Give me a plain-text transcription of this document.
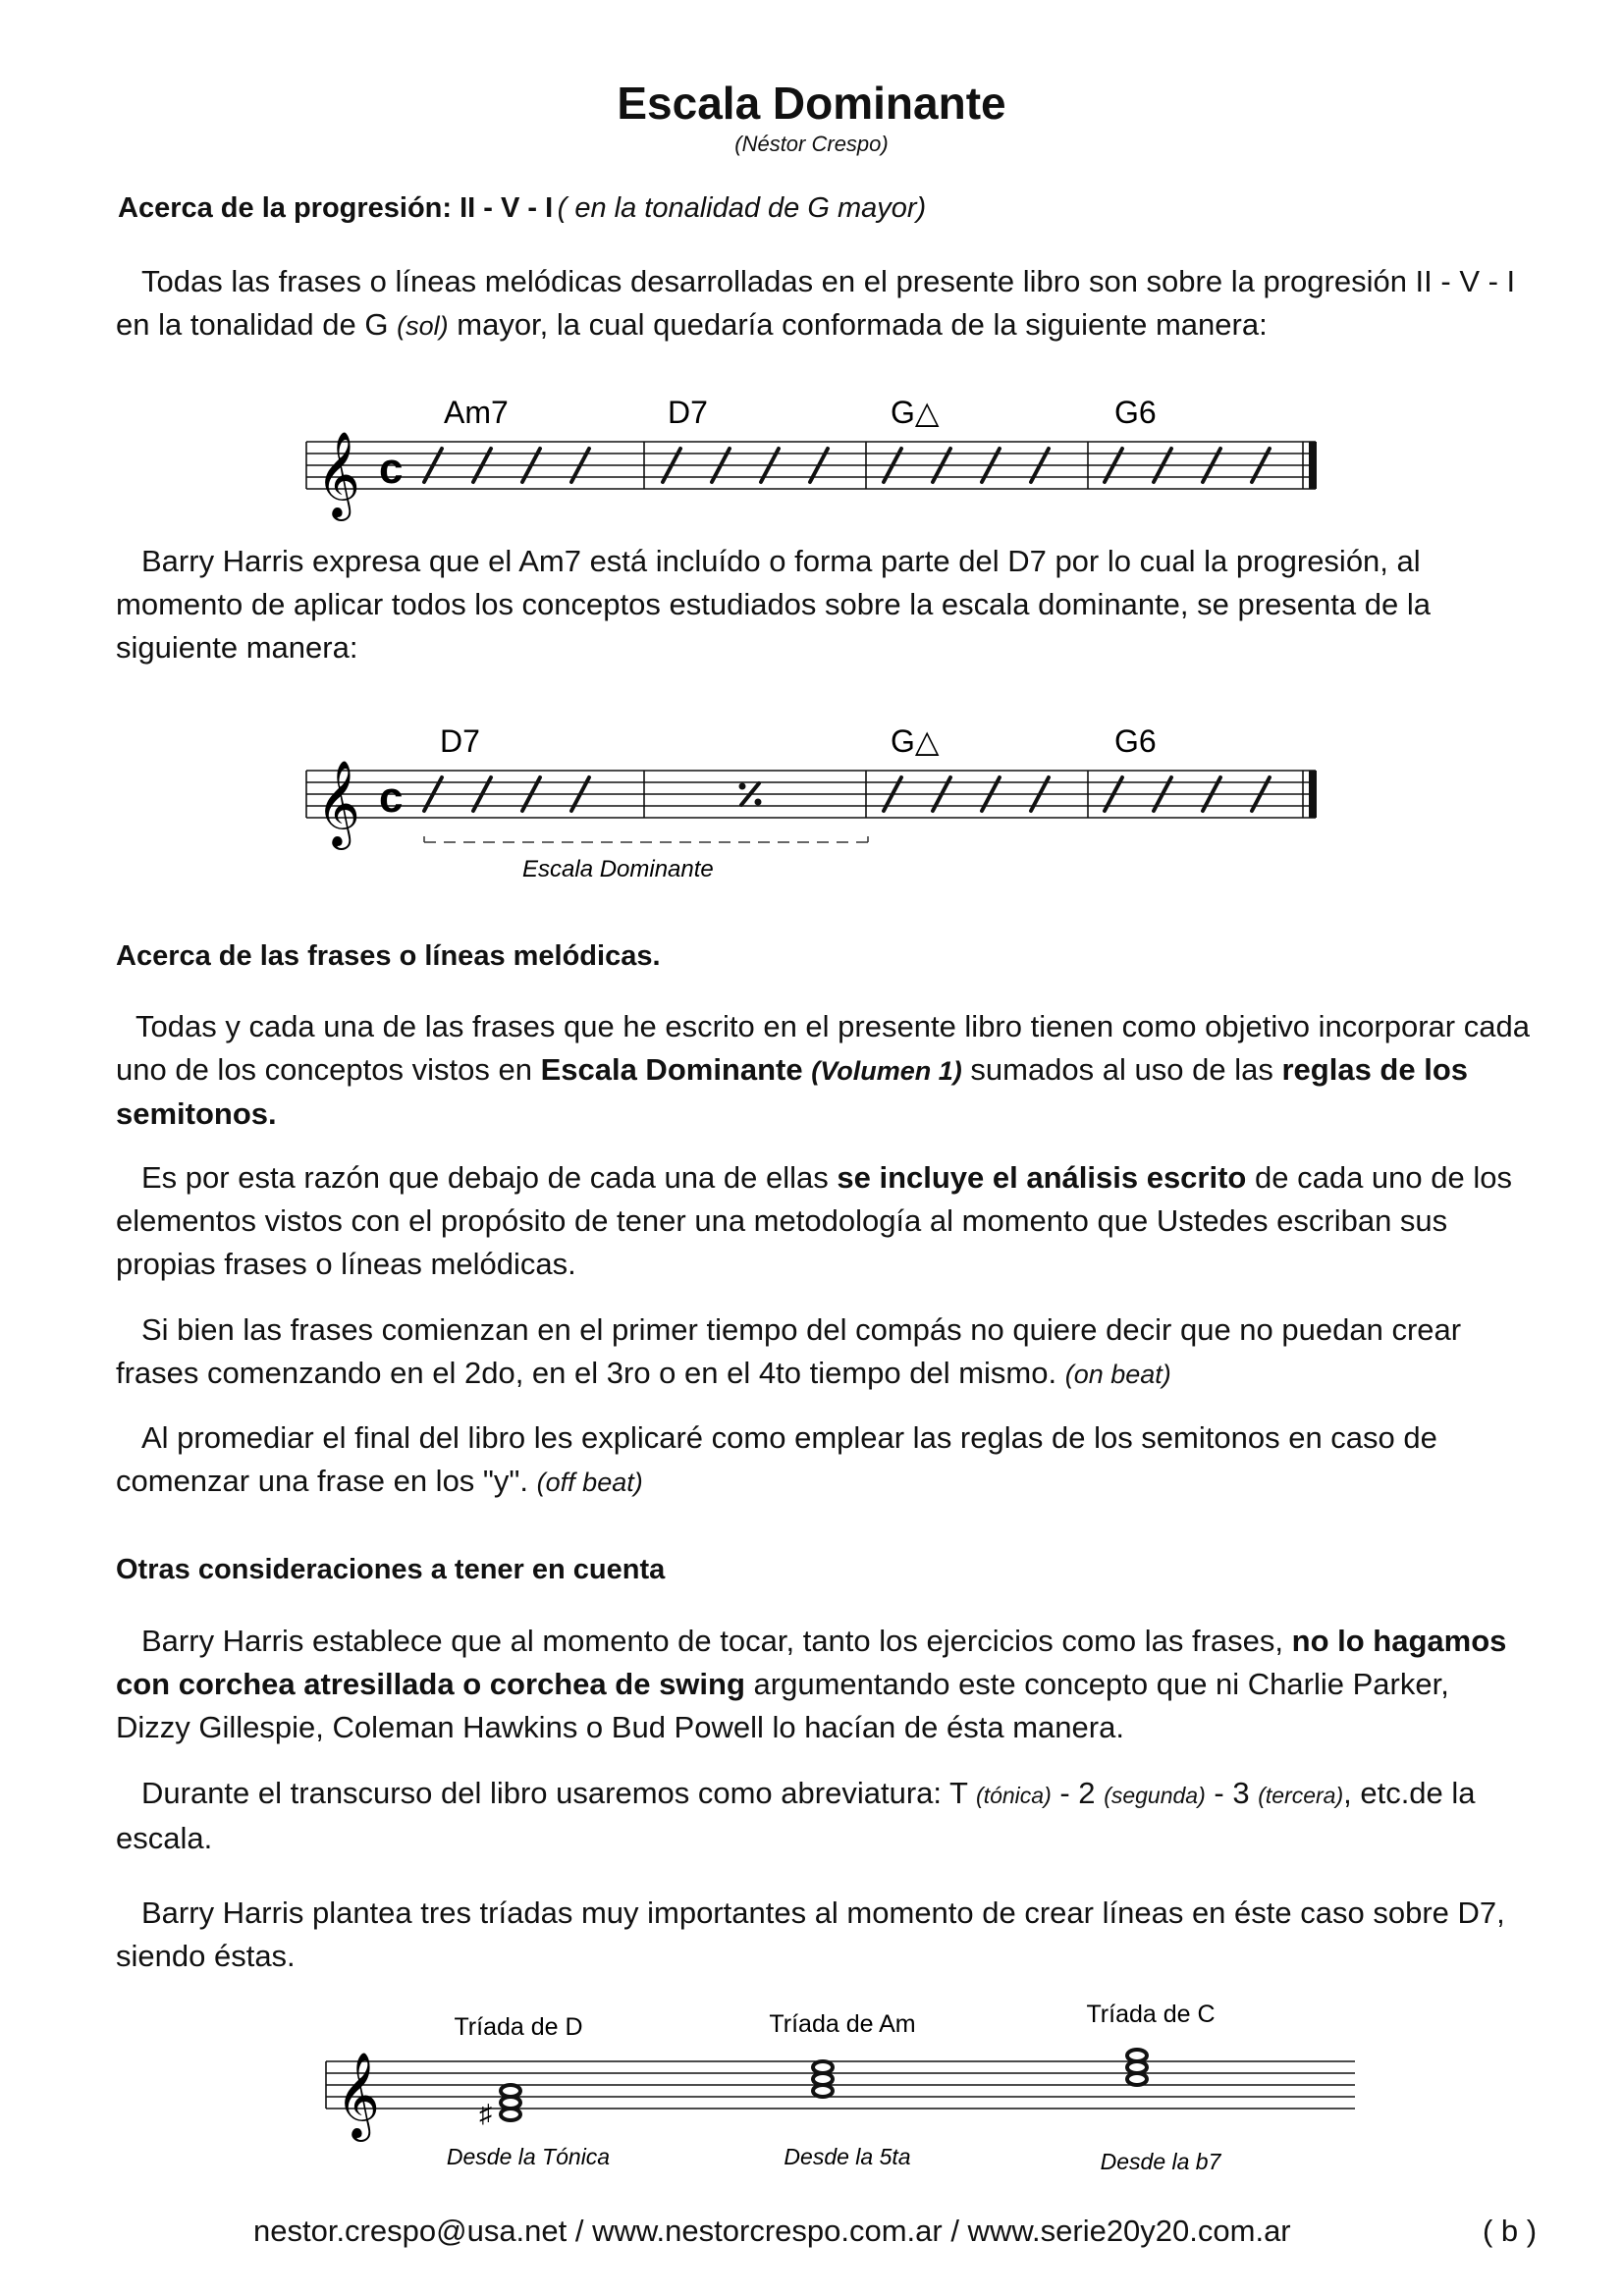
Escala Dominante
(Néstor Crespo)
Acerca de la progresión: II - V - I ( en la tonalidad de G mayor)
Todas las frases o líneas melódicas desarrolladas en el presente libro son sobre la progresión II - V - I en la tonalidad de G (sol) mayor, la cual quedaría conformada de la siguiente manera:
𝄞 c
Am7	D7	G△	G6
Barry Harris expresa que el Am7 está incluído o forma parte del D7 por lo cual la progresión, al momento de aplicar todos los conceptos estudiados sobre la escala dominante, se presenta de la siguiente manera:
𝄞 c
D7	G△	G6
Escala Dominante
Acerca de las frases o líneas melódicas.
Todas y cada una de las frases que he escrito en el presente libro tienen como objetivo incorporar cada uno de los conceptos vistos en Escala Dominante (Volumen 1) sumados al uso de las reglas de los semitonos.
Es por esta razón que debajo de cada una de ellas se incluye el análisis escrito de cada uno de los elementos vistos con el propósito de tener una metodología al momento que Ustedes escriban sus propias frases o líneas melódicas.
Si bien las frases comienzan en el primer tiempo del compás no quiere decir que no puedan crear frases comenzando en el 2do, en el 3ro o en el 4to tiempo del mismo. (on beat)
Al promediar el final del libro les explicaré como emplear las reglas de los semitonos en caso de comenzar una frase en los "y". (off beat)
Otras consideraciones a tener en cuenta
Barry Harris establece que al momento de tocar, tanto los ejercicios como las frases, no lo hagamos con corchea atresillada o corchea de swing argumentando este concepto que ni Charlie Parker, Dizzy Gillespie, Coleman Hawkins o Bud Powell lo hacían de ésta manera.
Durante el transcurso del libro usaremos como abreviatura: T (tónica) - 2 (segunda) - 3 (tercera), etc.de la escala.
Barry Harris plantea tres tríadas muy importantes al momento de crear líneas en éste caso sobre D7, siendo éstas.
𝄞	♯
Tríada de D	Tríada de Am	Tríada de C
Desde la Tónica	Desde la 5ta	Desde la b7
nestor.crespo@usa.net / www.nestorcrespo.com.ar / www.serie20y20.com.ar	( b )
